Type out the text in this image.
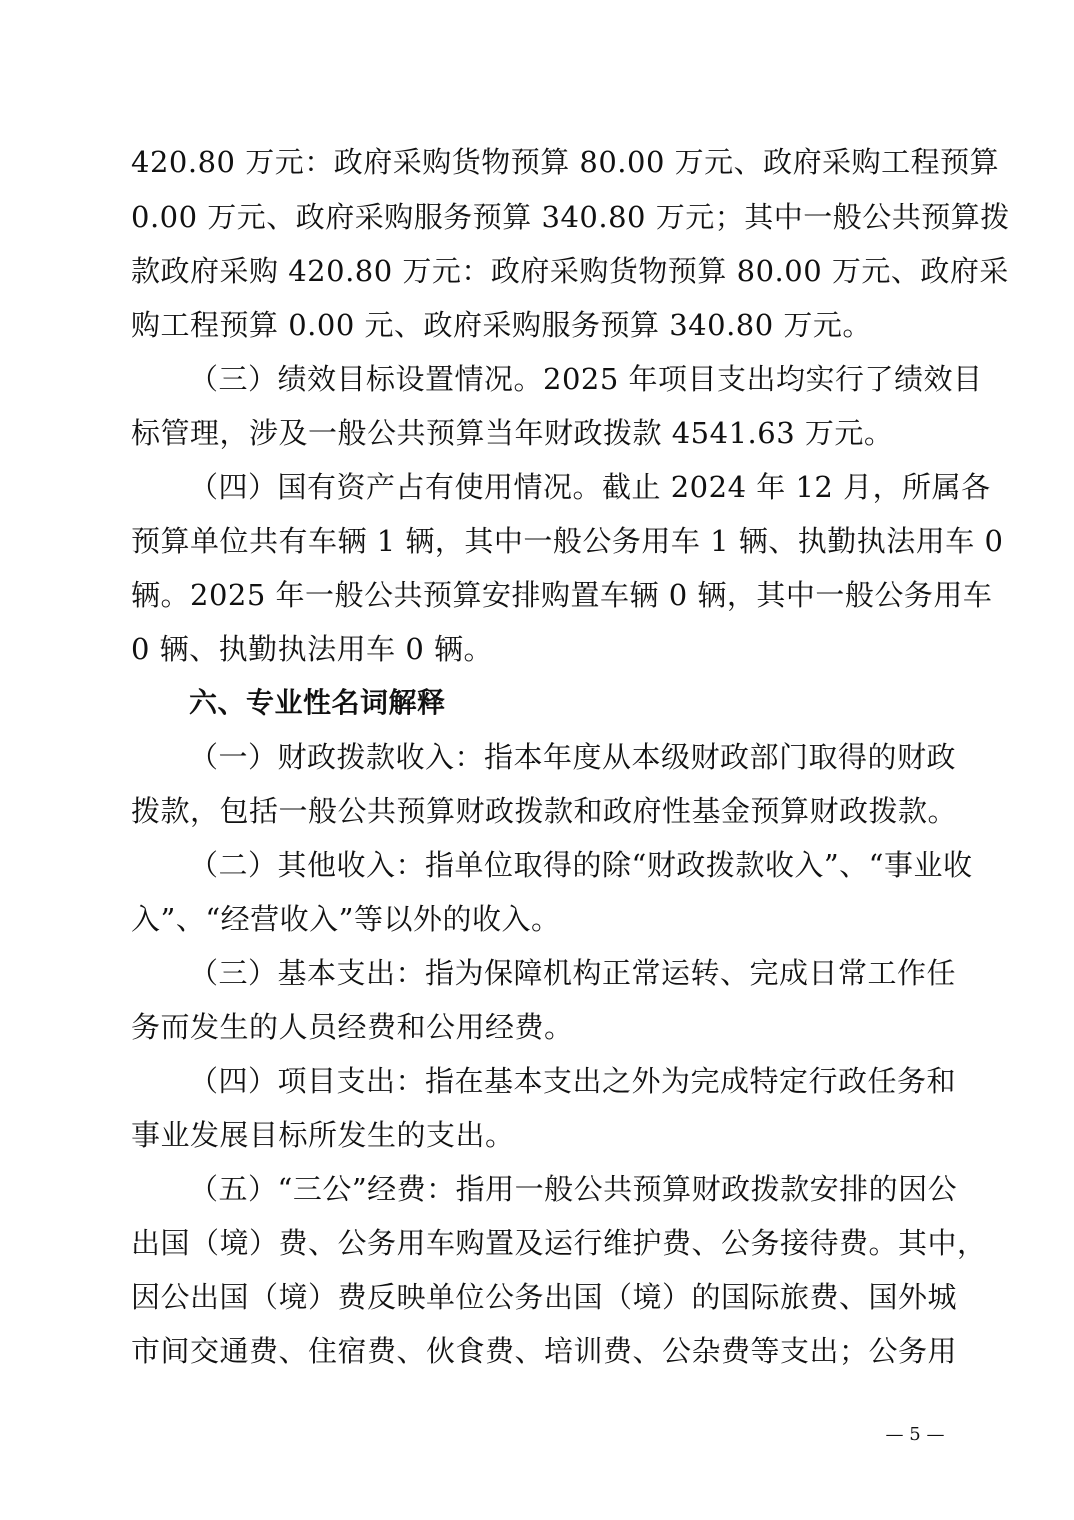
420.80 万元：政府采购货物预算 80.00 万元、政府采购工程预算
0.00 万元、政府采购服务预算 340.80 万元；其中一般公共预算拨
款政府采购 420.80 万元：政府采购货物预算 80.00 万元、政府采
购工程预算 0.00 元、政府采购服务预算 340.80 万元。
（三）绩效目标设置情况。2025 年项目支出均实行了绩效目
标管理，涉及一般公共预算当年财政拨款 4541.63 万元。
（四）国有资产占有使用情况。截止 2024 年 12 月，所属各
预算单位共有车辆 1 辆，其中一般公务用车 1 辆、执勤执法用车 0
辆。2025 年一般公共预算安排购置车辆 0 辆，其中一般公务用车
0 辆、执勤执法用车 0 辆。
六、专业性名词解释
（一）财政拨款收入：指本年度从本级财政部门取得的财政
拨款，包括一般公共预算财政拨款和政府性基金预算财政拨款。
（二）其他收入：指单位取得的除“财政拨款收入”、“事业收
入”、“经营收入”等以外的收入。
（三）基本支出：指为保障机构正常运转、完成日常工作任
务而发生的人员经费和公用经费。
（四）项目支出：指在基本支出之外为完成特定行政任务和
事业发展目标所发生的支出。
（五）“三公”经费：指用一般公共预算财政拨款安排的因公
出国（境）费、公务用车购置及运行维护费、公务接待费。其中，
因公出国（境）费反映单位公务出国（境）的国际旅费、国外城
市间交通费、住宿费、伙食费、培训费、公杂费等支出；公务用
— 5 —
